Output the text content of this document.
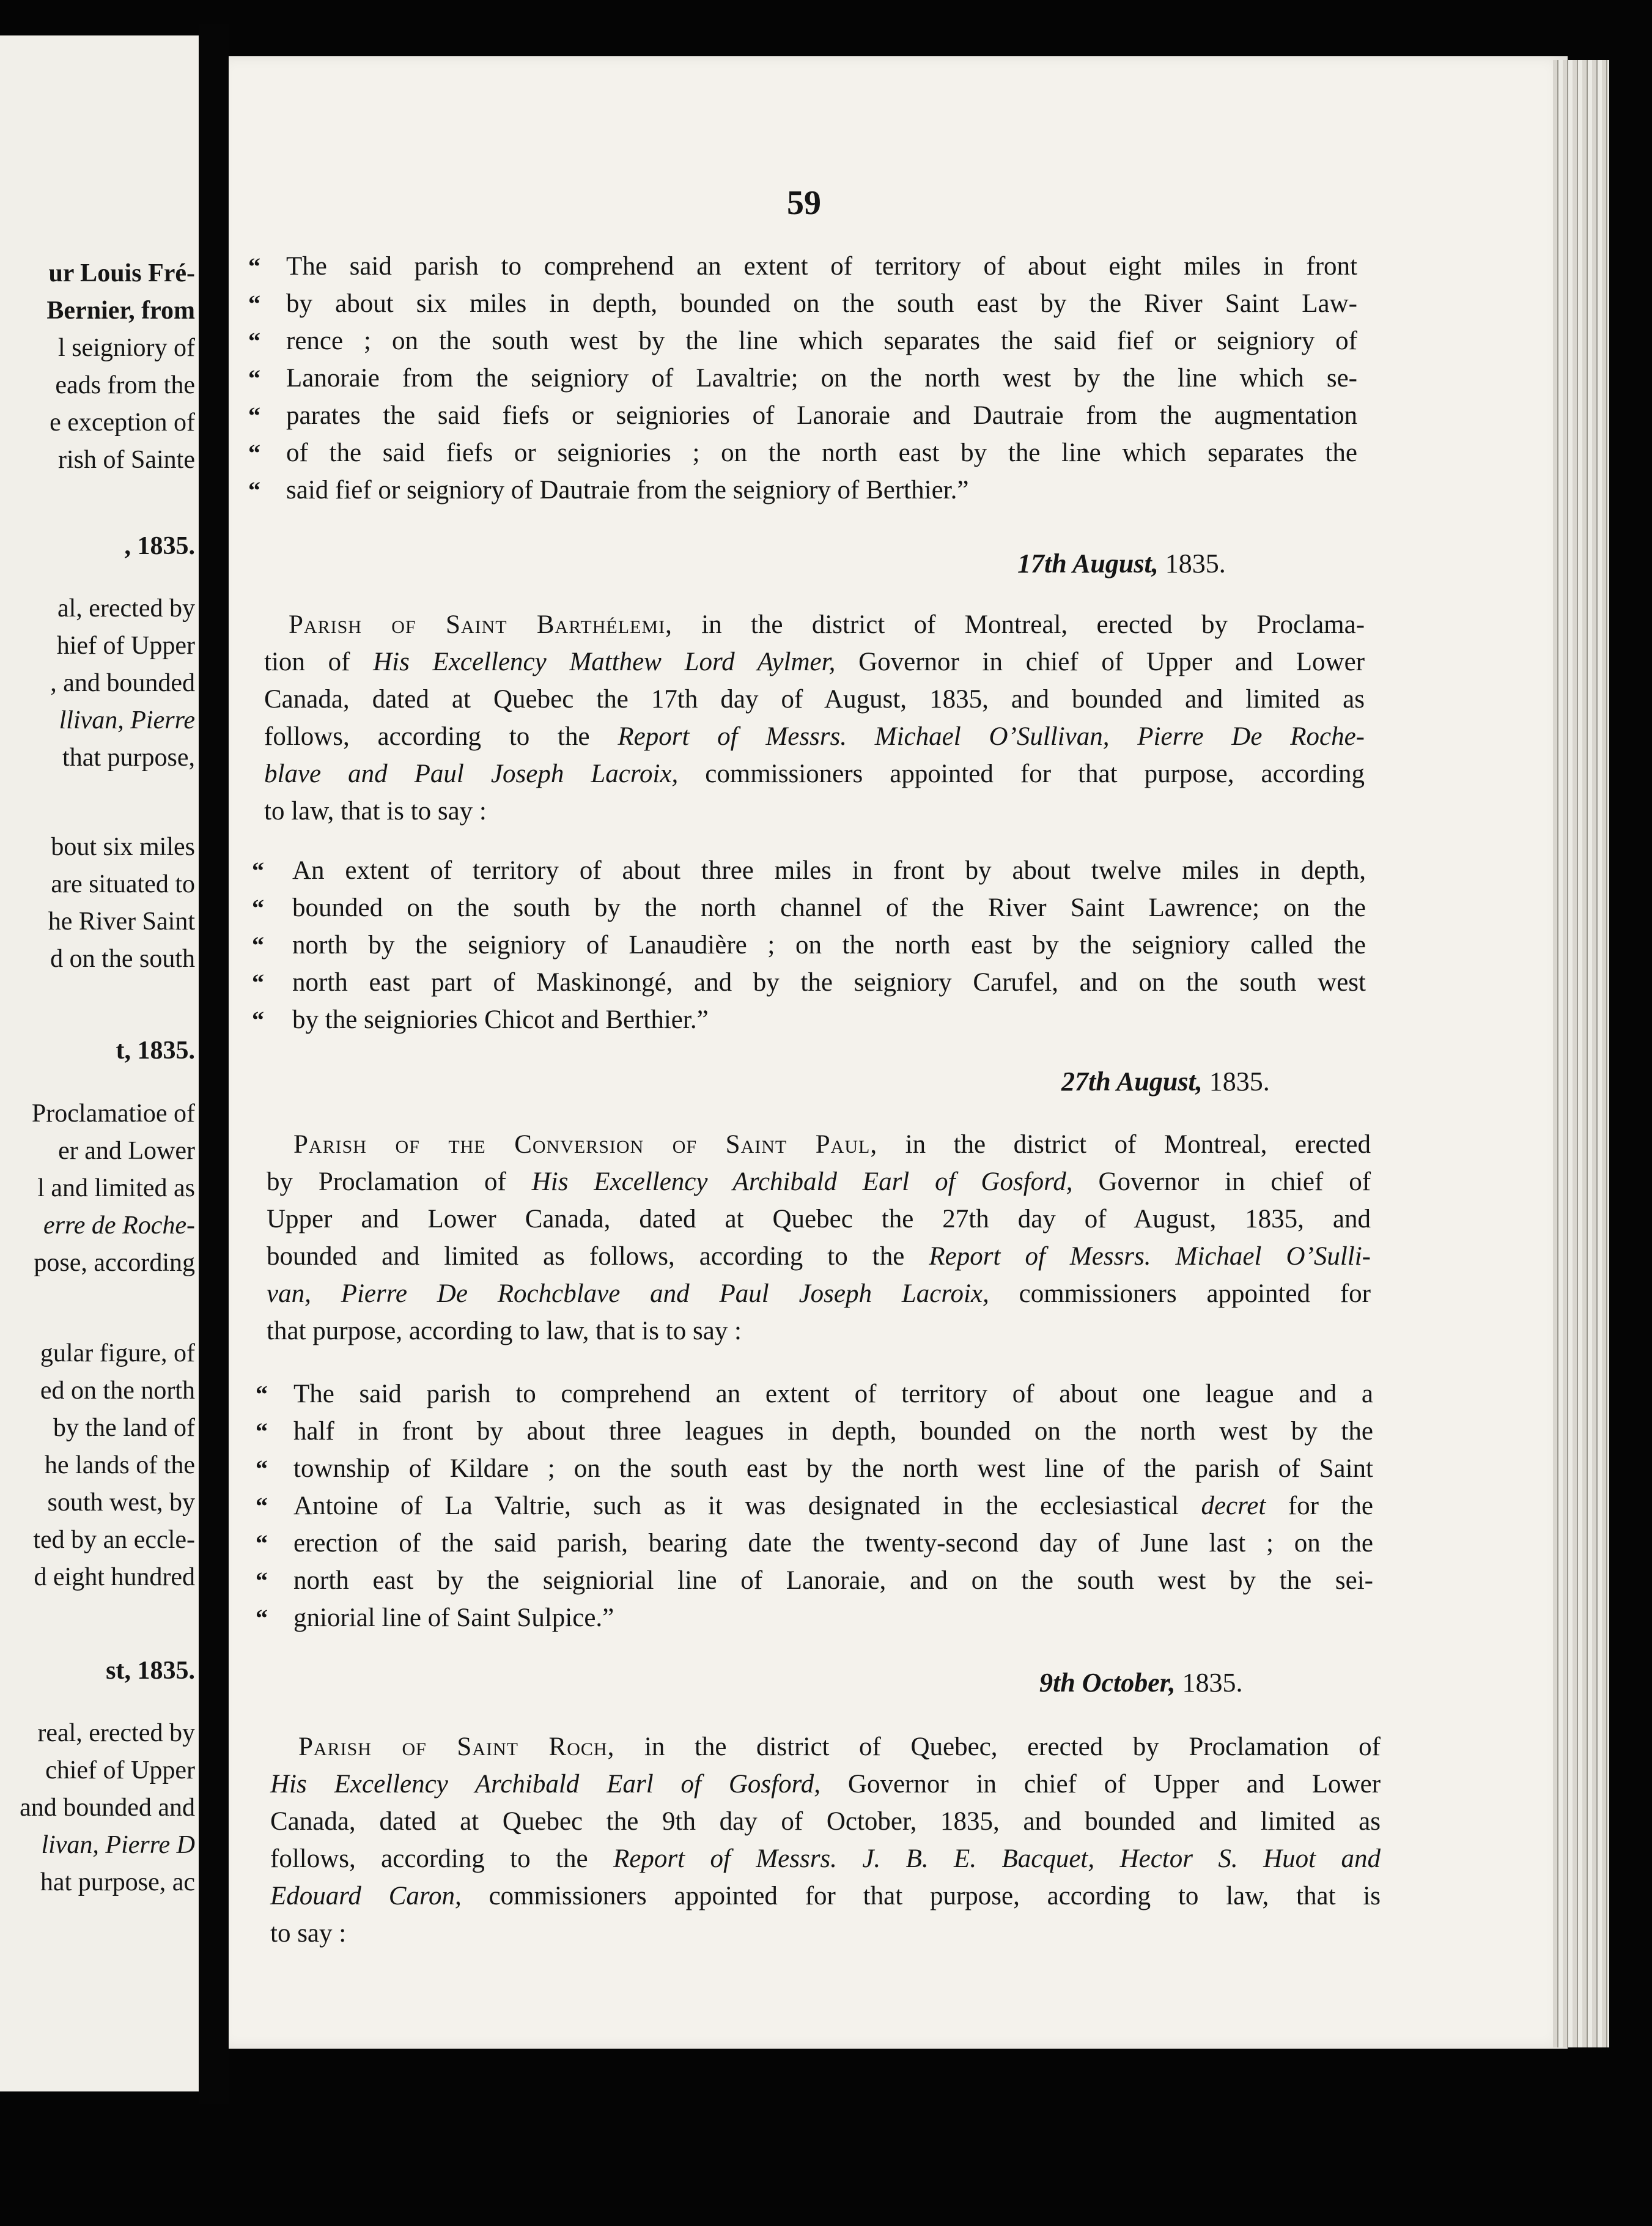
ur Louis Fré-
Bernier, from
l seigniory of
eads from the
e exception of
rish of Sainte
, 1835.
al, erected by
hief of Upper
, and bounded
llivan, Pierre
that purpose,
bout six miles
are situated to
he River Saint
d on the south
t, 1835.
Proclamatioe of
er and Lower
l and limited as
erre de Roche-
pose, according
gular figure, of
ed on the north
by the land of
he lands of the
south west, by
ted by an eccle-
d eight hundred
st, 1835.
real, erected by
chief of Upper
and bounded and
livan, Pierre D
hat purpose, ac
59
“ The said parish to comprehend an extent of territory of about eight miles in front
“ by about six miles in depth, bounded on the south east by the River Saint Law-
“ rence ; on the south west by the line which separates the said fief or seigniory of
“ Lanoraie from the seigniory of Lavaltrie; on the north west by the line which se-
“ parates the said fiefs or seigniories of Lanoraie and Dautraie from the augmentation
“ of the said fiefs or seigniories ; on the north east by the line which separates the
“ said fief or seigniory of Dautraie from the seigniory of Berthier.”
17th August, 1835.
Parish of Saint Barthélemi, in the district of Montreal, erected by Proclama-
tion of His Excellency Matthew Lord Aylmer, Governor in chief of Upper and Lower
Canada, dated at Quebec the 17th day of August, 1835, and bounded and limited as
follows, according to the Report of Messrs. Michael O’Sullivan, Pierre De Roche-
blave and Paul Joseph Lacroix, commissioners appointed for that purpose, according
to law, that is to say :
“ An extent of territory of about three miles in front by about twelve miles in depth,
“ bounded on the south by the north channel of the River Saint Lawrence; on the
“ north by the seigniory of Lanaudière ; on the north east by the seigniory called the
“ north east part of Maskinongé, and by the seigniory Carufel, and on the south west
“ by the seigniories Chicot and Berthier.”
27th August, 1835.
Parish of the Conversion of Saint Paul, in the district of Montreal, erected
by Proclamation of His Excellency Archibald Earl of Gosford, Governor in chief of
Upper and Lower Canada, dated at Quebec the 27th day of August, 1835, and
bounded and limited as follows, according to the Report of Messrs. Michael O’Sulli-
van, Pierre De Rochcblave and Paul Joseph Lacroix, commissioners appointed for
that purpose, according to law, that is to say :
“ The said parish to comprehend an extent of territory of about one league and a
“ half in front by about three leagues in depth, bounded on the north west by the
“ township of Kildare ; on the south east by the north west line of the parish of Saint
“ Antoine of La Valtrie, such as it was designated in the ecclesiastical decret for the
“ erection of the said parish, bearing date the twenty-second day of June last ; on the
“ north east by the seigniorial line of Lanoraie, and on the south west by the sei-
“ gniorial line of Saint Sulpice.”
9th October, 1835.
Parish of Saint Roch, in the district of Quebec, erected by Proclamation of
His Excellency Archibald Earl of Gosford, Governor in chief of Upper and Lower
Canada, dated at Quebec the 9th day of October, 1835, and bounded and limited as
follows, according to the Report of Messrs. J. B. E. Bacquet, Hector S. Huot and
Edouard Caron, commissioners appointed for that purpose, according to law, that is
to say :
